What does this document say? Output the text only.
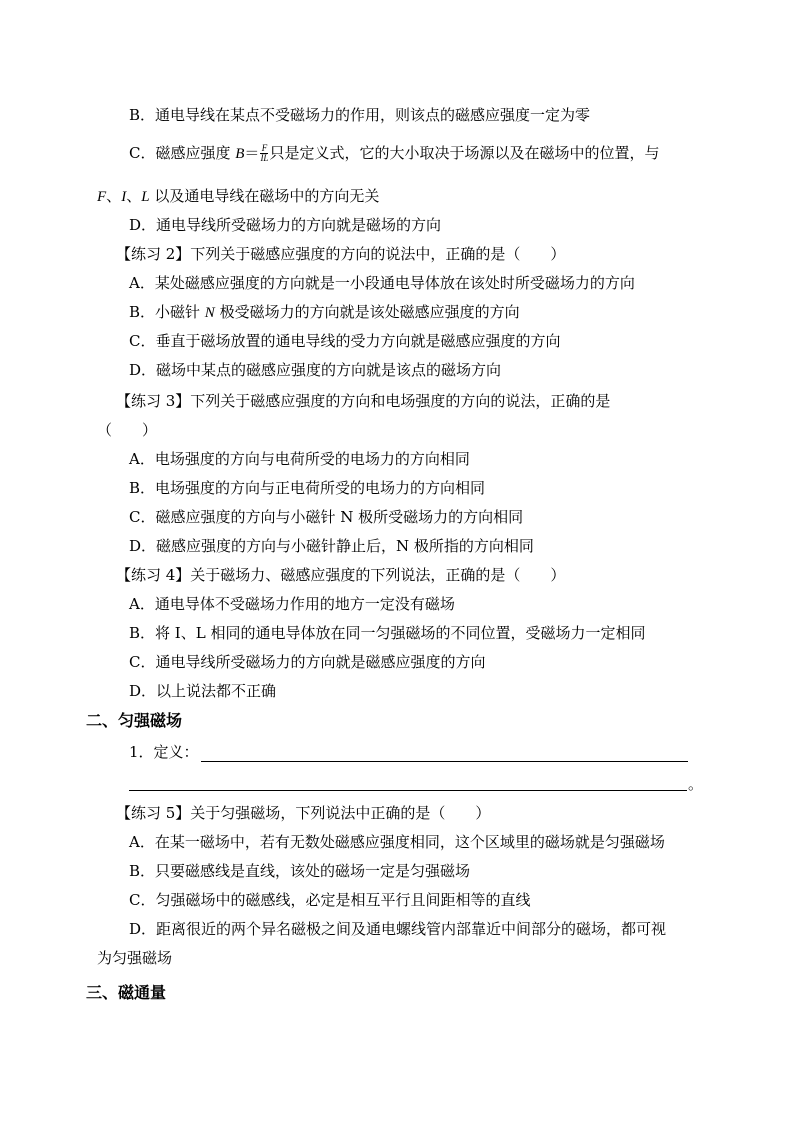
B．通电导线在某点不受磁场力的作用，则该点的磁感应强度一定为零
C．磁感应强度 $B= \frac{F}{IL}$ 只是定义式，它的大小取决于场源以及在磁场中的位置，与
F、I、L 以及通电导线在磁场中的方向无关
D．通电导线所受磁场力的方向就是磁场的方向
【练习 2】下列关于磁感应强度的方向的说法中，正确的是（　　）
A．某处磁感应强度的方向就是一小段通电导体放在该处时所受磁场力的方向
B．小磁针 N 极受磁场力的方向就是该处磁感应强度的方向
C．垂直于磁场放置的通电导线的受力方向就是磁感应强度的方向
D．磁场中某点的磁感应强度的方向就是该点的磁场方向
【练习 3】下列关于磁感应强度的方向和电场强度的方向的说法，正确的是
（　　）
A．电场强度的方向与电荷所受的电场力的方向相同
B．电场强度的方向与正电荷所受的电场力的方向相同
C．磁感应强度的方向与小磁针 N 极所受磁场力的方向相同
D．磁感应强度的方向与小磁针静止后，N 极所指的方向相同
【练习 4】关于磁场力、磁感应强度的下列说法，正确的是（　　）
A．通电导体不受磁场力作用的地方一定没有磁场
B．将 I、L 相同的通电导体放在同一匀强磁场的不同位置，受磁场力一定相同
C．通电导线所受磁场力的方向就是磁感应强度的方向
D．以上说法都不正确
二、匀强磁场
1．定义：
。
【练习 5】关于匀强磁场，下列说法中正确的是（　　）
A．在某一磁场中，若有无数处磁感应强度相同，这个区域里的磁场就是匀强磁场
B．只要磁感线是直线，该处的磁场一定是匀强磁场
C．匀强磁场中的磁感线，必定是相互平行且间距相等的直线
D．距离很近的两个异名磁极之间及通电螺线管内部靠近中间部分的磁场，都可视
为匀强磁场
三、磁通量
